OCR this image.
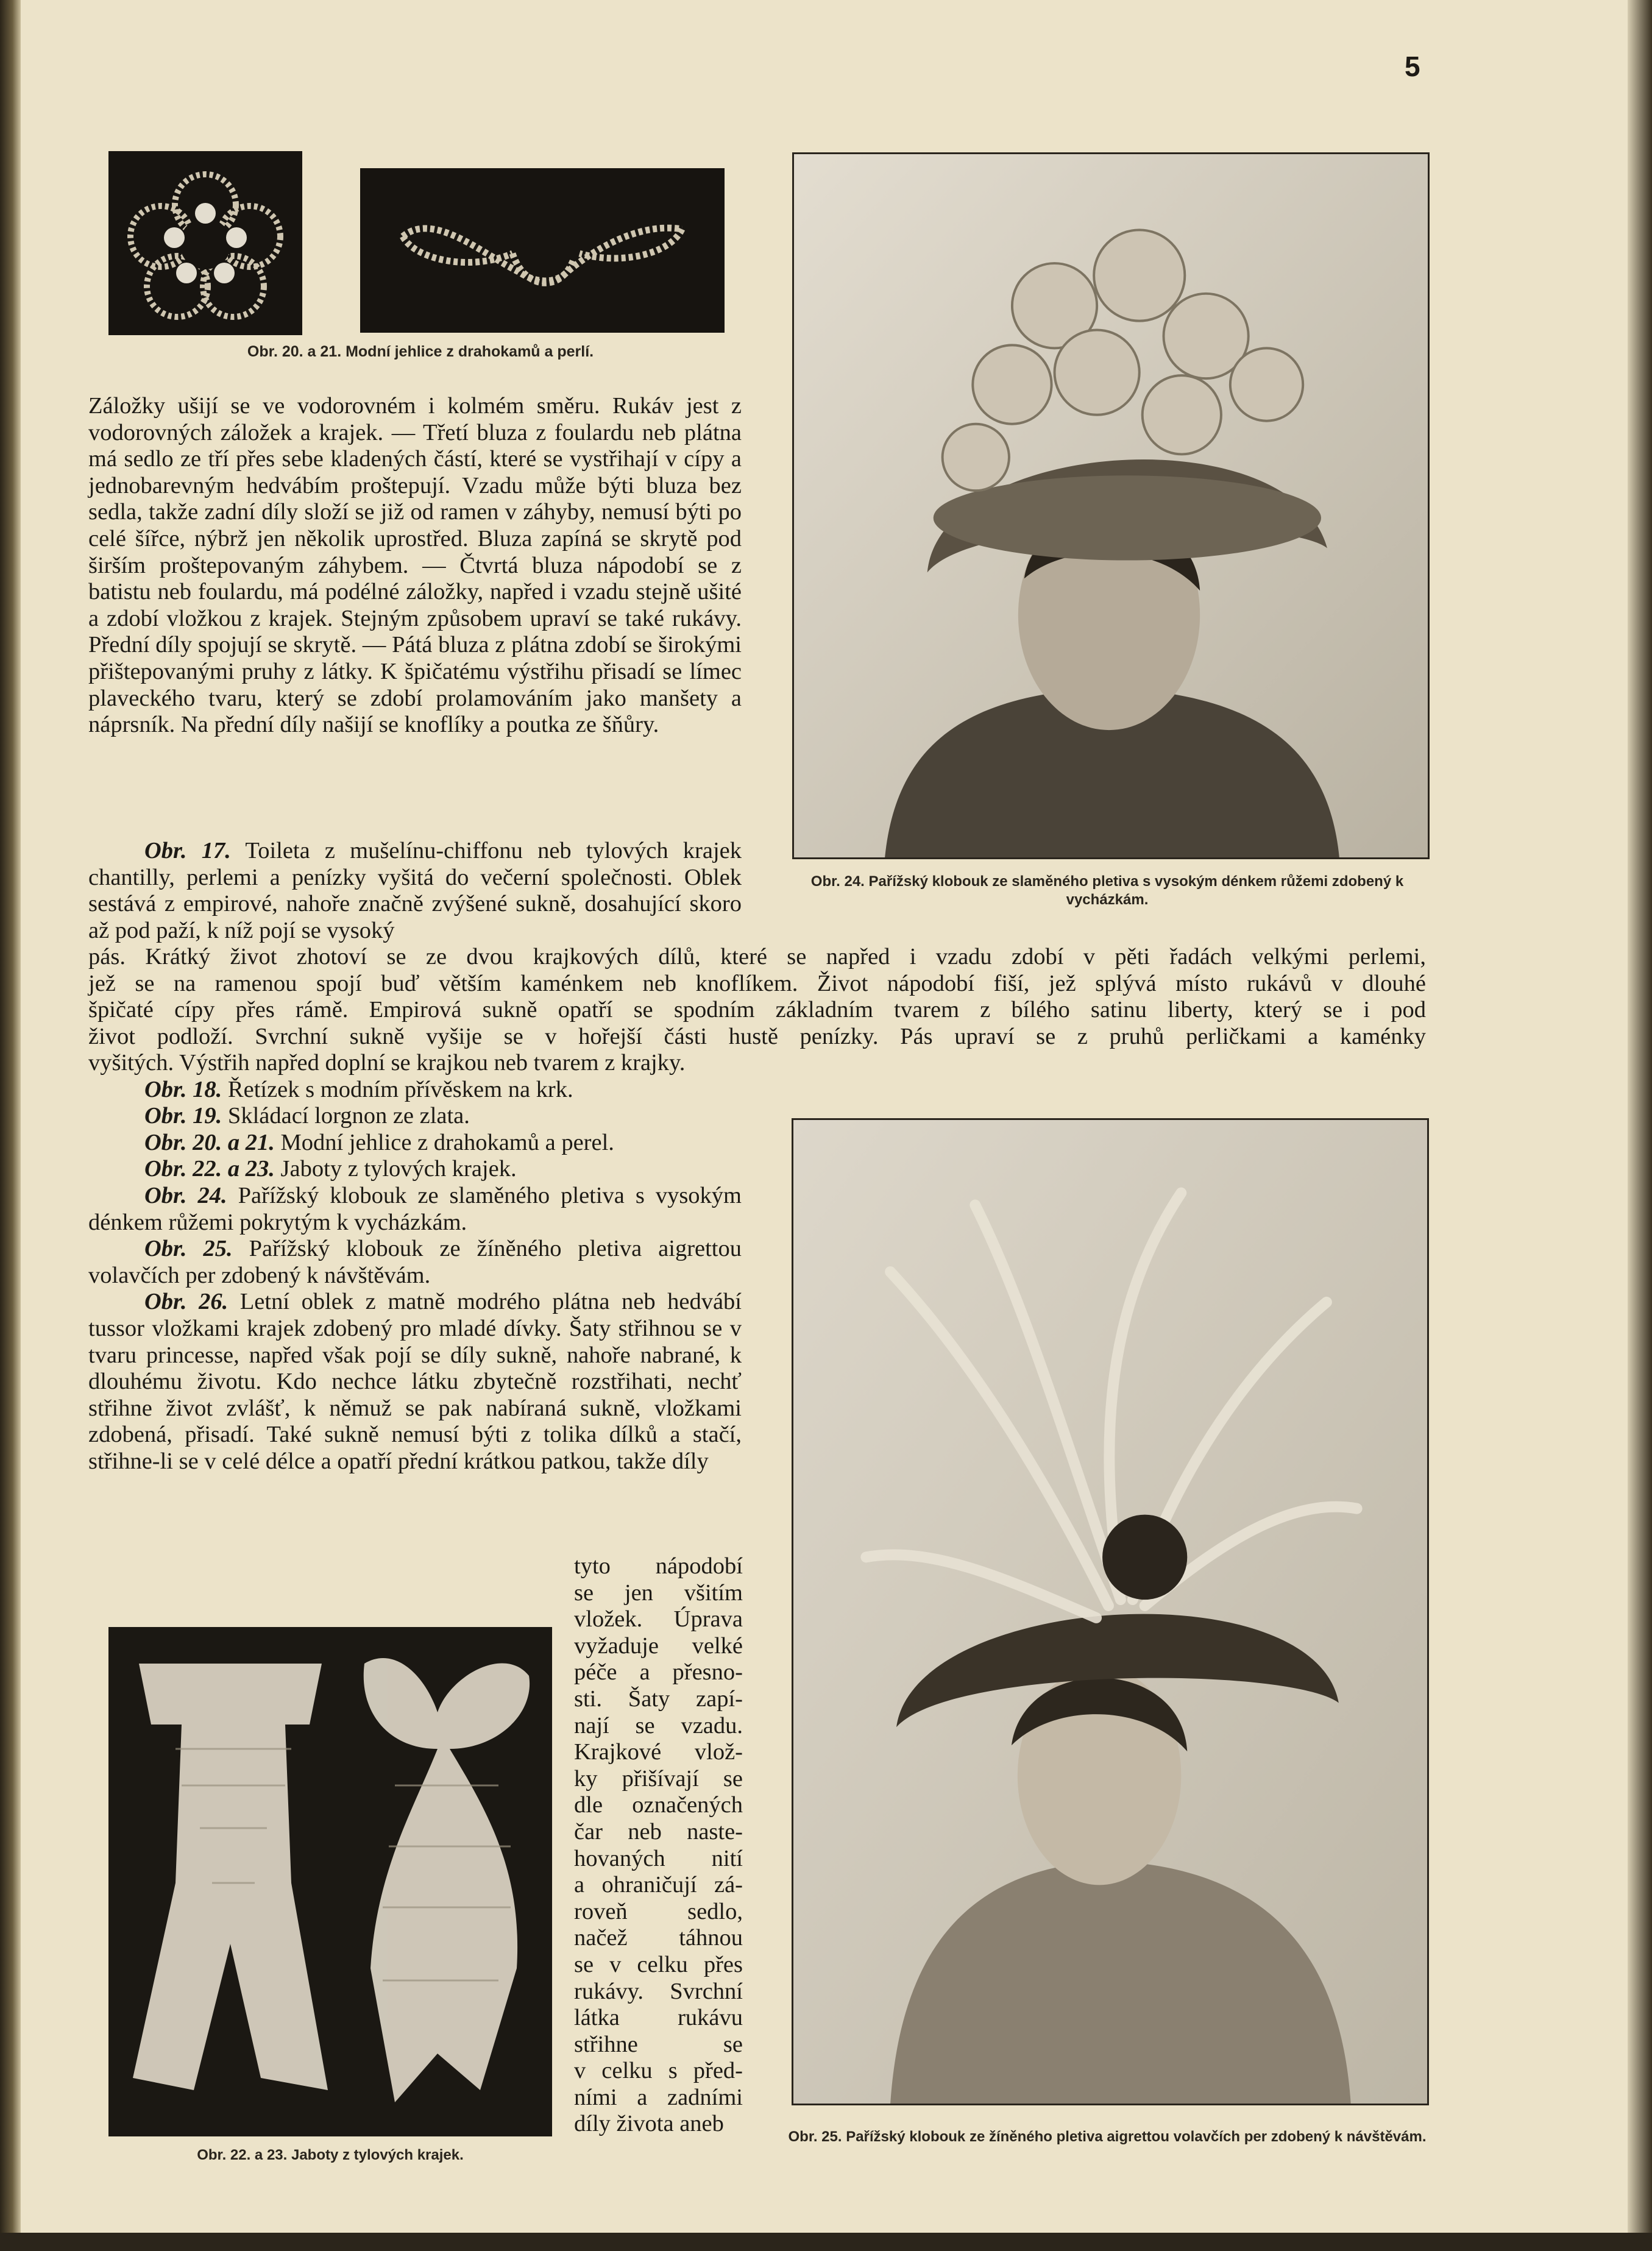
5
Obr. 20. a 21. Modní jehlice z drahokamů a perlí.
Obr. 24. Pařížský klobouk ze slaměného pletiva s vysokým dénkem růžemi zdobený k vycházkám.
Obr. 25. Pařížský klobouk ze žíněného pletiva aigrettou volavčích per zdobený k návštěvám.
Obr. 22. a 23. Jaboty z tylových krajek.

Záložky ušijí se ve vodorovném i kolmém směru. Rukáv jest z vodorovných záložek a krajek. — Třetí bluza z foulardu neb plátna má sedlo ze tří přes sebe kladených částí, které se vystřihají v cípy a jednobarevným hedvábím proštepují. Vzadu může býti bluza bez sedla, takže zadní díly složí se již od ramen v záhyby, nemusí býti po celé šířce, nýbrž jen několik uprostřed. Bluza zapíná se skrytě pod širším proštepovaným záhybem. — Čtvrtá bluza nápodobí se z batistu neb foulardu, má podélné záložky, napřed i vzadu stejně ušité a zdobí vložkou z krajek. Stejným způsobem upraví se také rukávy. Přední díly spojují se skrytě. — Pátá bluza z plátna zdobí se širokými přištepovanými pruhy z látky. K špičatému výstřihu přisadí se límec plaveckého tvaru, který se zdobí prolamováním jako manšety a náprsník. Na přední díly našijí se knoflíky a poutka ze šňůry.

Obr. 17. Toileta z mušelínu-chiffonu neb tylových krajek chantilly, perlemi a penízky vyšitá do večerní společnosti. Oblek sestává z empirové, nahoře značně zvýšené sukně, dosahující skoro až pod paží, k níž pojí se vysoký

pás. Krátký život zhotoví se ze dvou krajkových dílů, které se napřed i vzadu zdobí v pěti řadách velkými perlemi,
jež se na ramenou spojí buď větším kaménkem neb knoflíkem. Život nápodobí fiší, jež splývá místo rukávů v dlouhé
špičaté cípy přes rámě. Empirová sukně opatří se spodním základním tvarem z bílého satinu liberty, který se i pod
život podloží. Svrchní sukně vyšije se v hořejší části hustě penízky. Pás upraví se z pruhů perličkami a kaménky

vyšitých. Výstřih napřed doplní se krajkou neb tvarem z krajky.

Obr. 18. Řetízek s modním přívěskem na krk.

Obr. 19. Skládací lorgnon ze zlata.

Obr. 20. a 21. Modní jehlice z drahokamů a perel.

Obr. 22. a 23. Jaboty z tylových krajek.

Obr. 24. Pařížský klobouk ze slaměného pletiva s vysokým dénkem růžemi pokrytým k vycházkám.

Obr. 25. Pařížský klobouk ze žíněného pletiva aigrettou volavčích per zdobený k návštěvám.

Obr. 26. Letní oblek z matně modrého plátna neb hedvábí tussor vložkami krajek zdobený pro mladé dívky. Šaty střihnou se v tvaru princesse, napřed však pojí se díly sukně, nahoře nabrané, k dlouhému životu. Kdo nechce látku zbytečně rozstřihati, nechť střihne život zvlášť, k němuž se pak nabíraná sukně, vložkami zdobená, přisadí. Také sukně nemusí býti z tolika dílků a stačí, střihne-li se v celé délce a opatří přední krátkou patkou, takže díly

tyto nápodobí
se jen všitím
vložek. Úprava
vyžaduje velké
péče a přesno-
sti. Šaty zapí-
nají se vzadu.
Krajkové vlož-
ky přišívají se
dle označených
čar neb naste-
hovaných nití
a ohraničují zá-
roveň sedlo,
načež táhnou
se v celku přes
rukávy. Svrchní
látka rukávu
střihne se
v celku s před-
ními a zadními
díly života aneb
